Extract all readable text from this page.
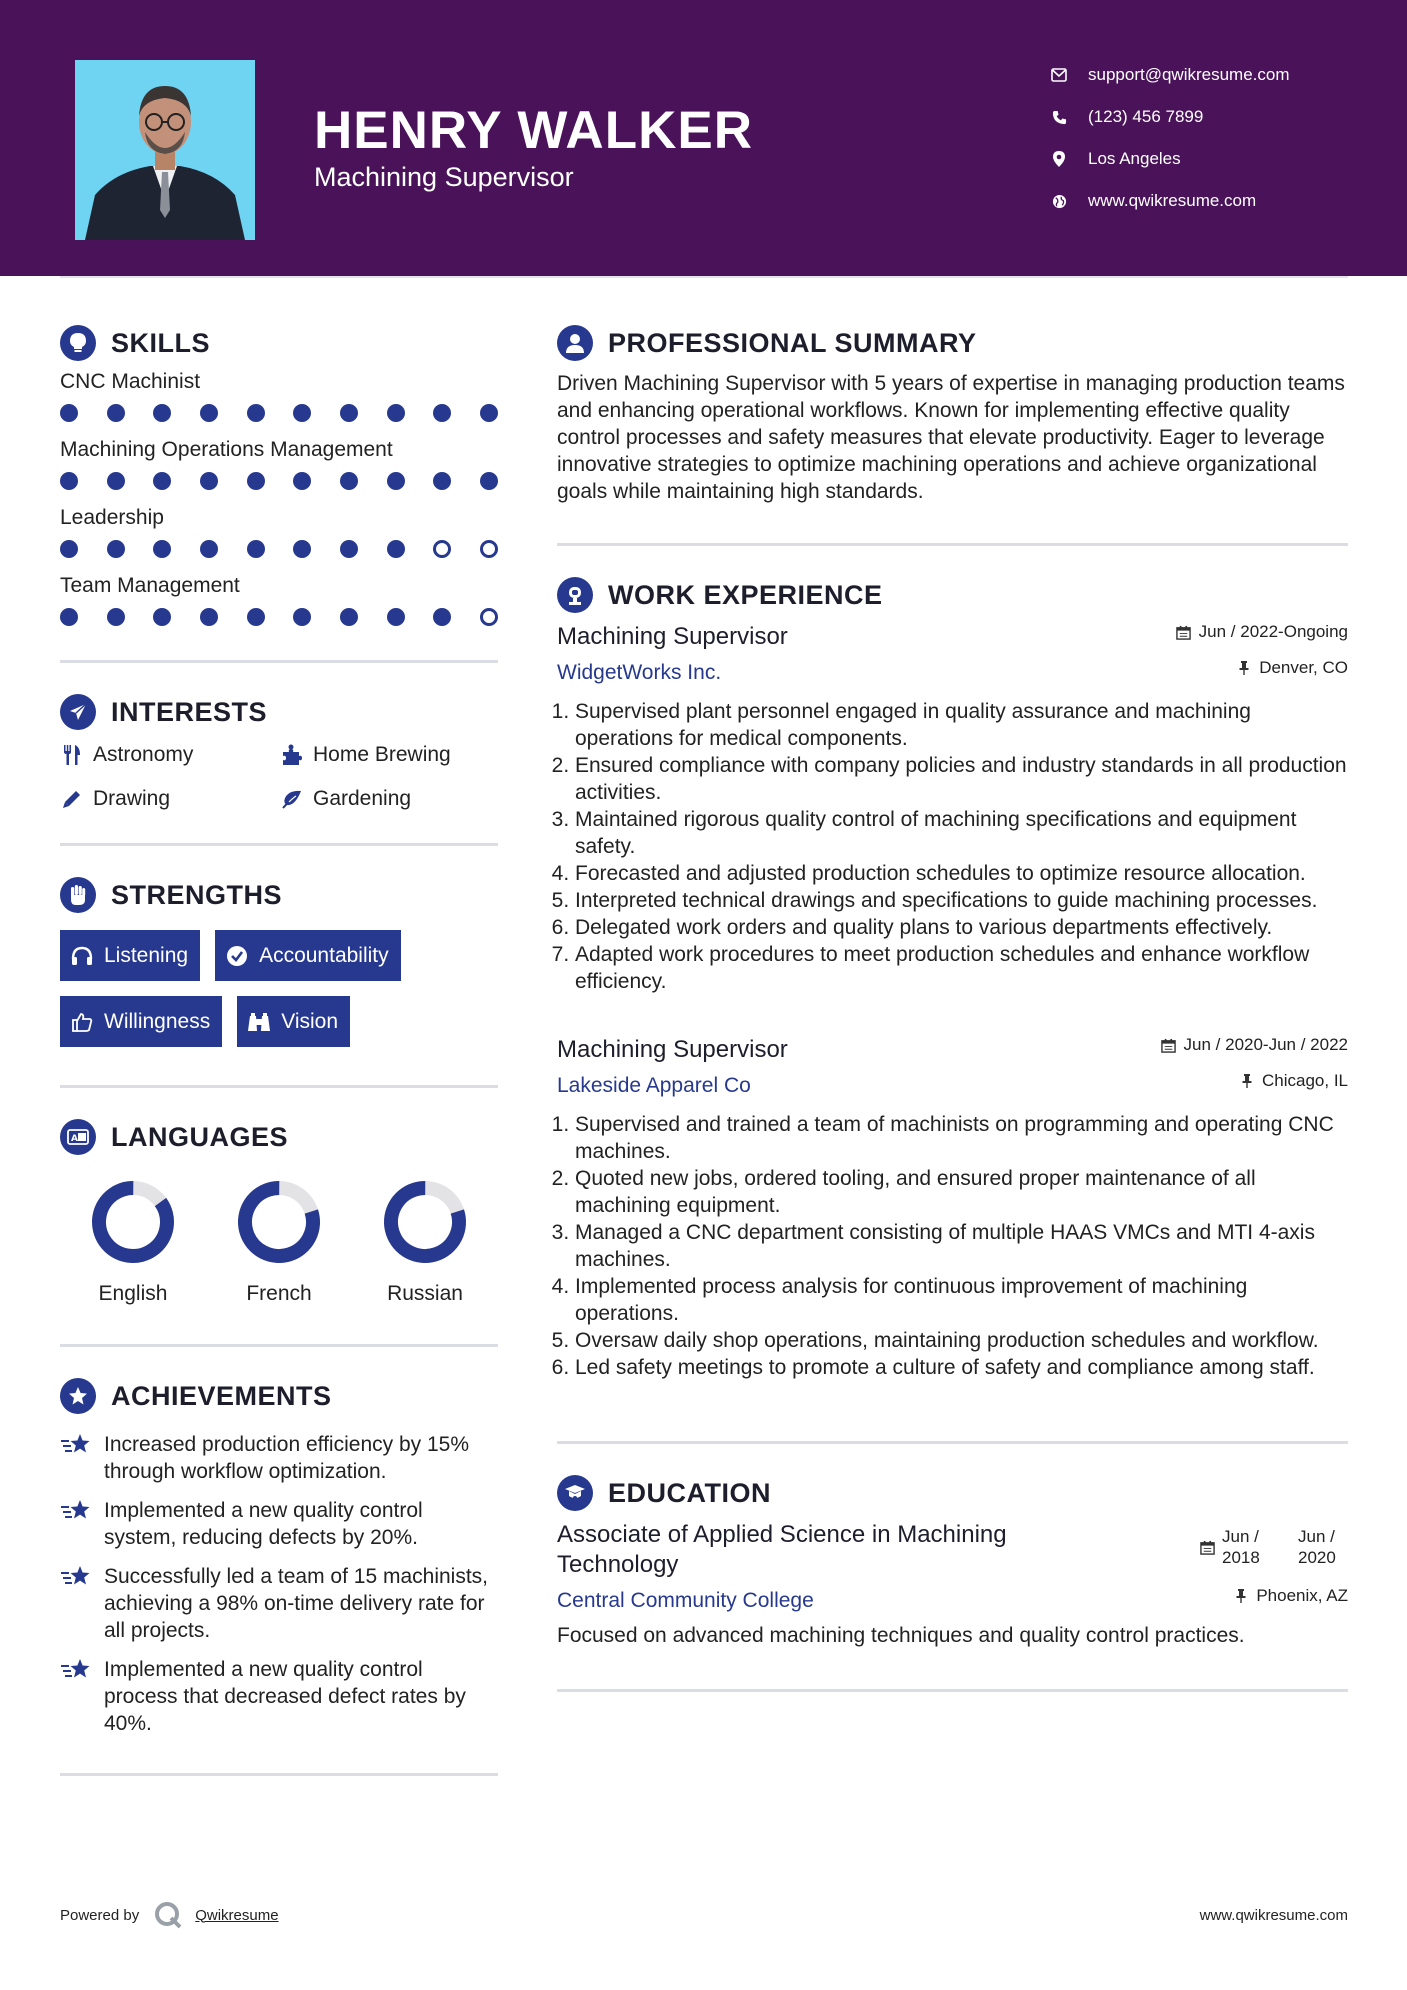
HENRY WALKER
Machining Supervisor
support@qwikresume.com
(123) 456 7899
Los Angeles
www.qwikresume.com
SKILLS
CNC Machinist
Machining Operations Management
Leadership
Team Management
INTERESTS
Astronomy	Home Brewing
Drawing	Gardening
STRENGTHS
Listening	Accountability
Willingness	Vision
A LANGUAGES
English	French	Russian
ACHIEVEMENTS
Increased production efficiency by 15% through workflow optimization.
Implemented a new quality control system, reducing defects by 20%.
Successfully led a team of 15 machinists, achieving a 98% on-time delivery rate for all projects.
Implemented a new quality control process that decreased defect rates by 40%.
PROFESSIONAL SUMMARY

Driven Machining Supervisor with 5 years of expertise in managing production teams and enhancing operational workflows. Known for implementing effective quality control processes and safety measures that elevate productivity. Eager to leverage innovative strategies to optimize machining operations and achieve organizational goals while maintaining high standards.

WORK EXPERIENCE
Machining Supervisor	Jun / 2022-Ongoing
WidgetWorks Inc.	Denver, CO
1. Supervised plant personnel engaged in quality assurance and machining operations for medical components.
2. Ensured compliance with company policies and industry standards in all production activities.
3. Maintained rigorous quality control of machining specifications and equipment safety.
4. Forecasted and adjusted production schedules to optimize resource allocation.
5. Interpreted technical drawings and specifications to guide machining processes.
6. Delegated work orders and quality plans to various departments effectively.
7. Adapted work procedures to meet production schedules and enhance workflow efficiency.
Machining Supervisor	Jun / 2020-Jun / 2022
Lakeside Apparel Co	Chicago, IL
1. Supervised and trained a team of machinists on programming and operating CNC machines.
2. Quoted new jobs, ordered tooling, and ensured proper maintenance of all machining equipment.
3. Managed a CNC department consisting of multiple HAAS VMCs and MTI 4-axis machines.
4. Implemented process analysis for continuous improvement of machining operations.
5. Oversaw daily shop operations, maintaining production schedules and workflow.
6. Led safety meetings to promote a culture of safety and compliance among staff.
EDUCATION
Associate of Applied Science in Machining Technology
Jun / 2018
Jun / 2020
Central Community College	Phoenix, AZ

Focused on advanced machining techniques and quality control practices.

Powered by	Qwikresume	www.qwikresume.com
